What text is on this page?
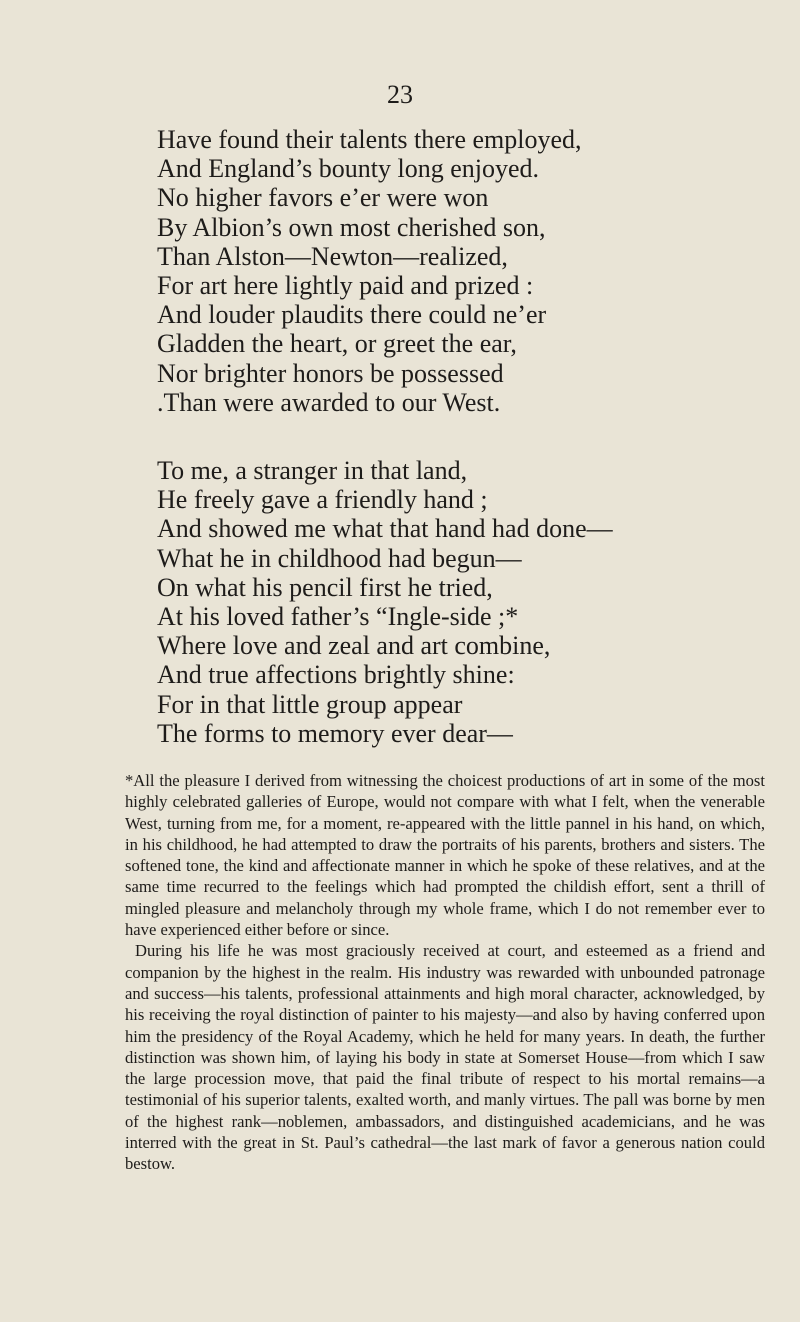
23
Have found their talents there employed,
And England’s bounty long enjoyed.
No higher favors e’er were won
By Albion’s own most cherished son,
Than Alston—Newton—realized,
For art here lightly paid and prized :
And louder plaudits there could ne’er
Gladden the heart, or greet the ear,
Nor brighter honors be possessed
.Than were awarded to our West.
To me, a stranger in that land,
He freely gave a friendly hand ;
And showed me what that hand had done—
What he in childhood had begun—
On what his pencil first he tried,
At his loved father’s “Ingle-side ;*
Where love and zeal and art combine,
And true affections brightly shine:
For in that little group appear
The forms to memory ever dear—

*All the pleasure I derived from witnessing the choicest productions of art in some of the most highly celebrated galleries of Europe, would not compare with what I felt, when the venerable West, turning from me, for a moment, re-appeared with the little pannel in his hand, on which, in his childhood, he had attempted to draw the portraits of his parents, brothers and sisters. The softened tone, the kind and affectionate manner in which he spoke of these relatives, and at the same time recurred to the feelings which had prompted the childish effort, sent a thrill of mingled pleasure and melancholy through my whole frame, which I do not remember ever to have experienced either before or since.

During his life he was most graciously received at court, and esteemed as a friend and companion by the highest in the realm. His industry was rewarded with unbounded patronage and success—his talents, professional attainments and high moral character, acknowledged, by his receiving the royal distinction of painter to his majesty—and also by having conferred upon him the presidency of the Royal Academy, which he held for many years. In death, the further distinction was shown him, of laying his body in state at Somerset House—from which I saw the large procession move, that paid the final tribute of respect to his mortal remains—a testimonial of his superior talents, exalted worth, and manly virtues. The pall was borne by men of the highest rank—noblemen, ambassadors, and distinguished academicians, and he was interred with the great in St. Paul’s cathedral—the last mark of favor a generous nation could bestow.
